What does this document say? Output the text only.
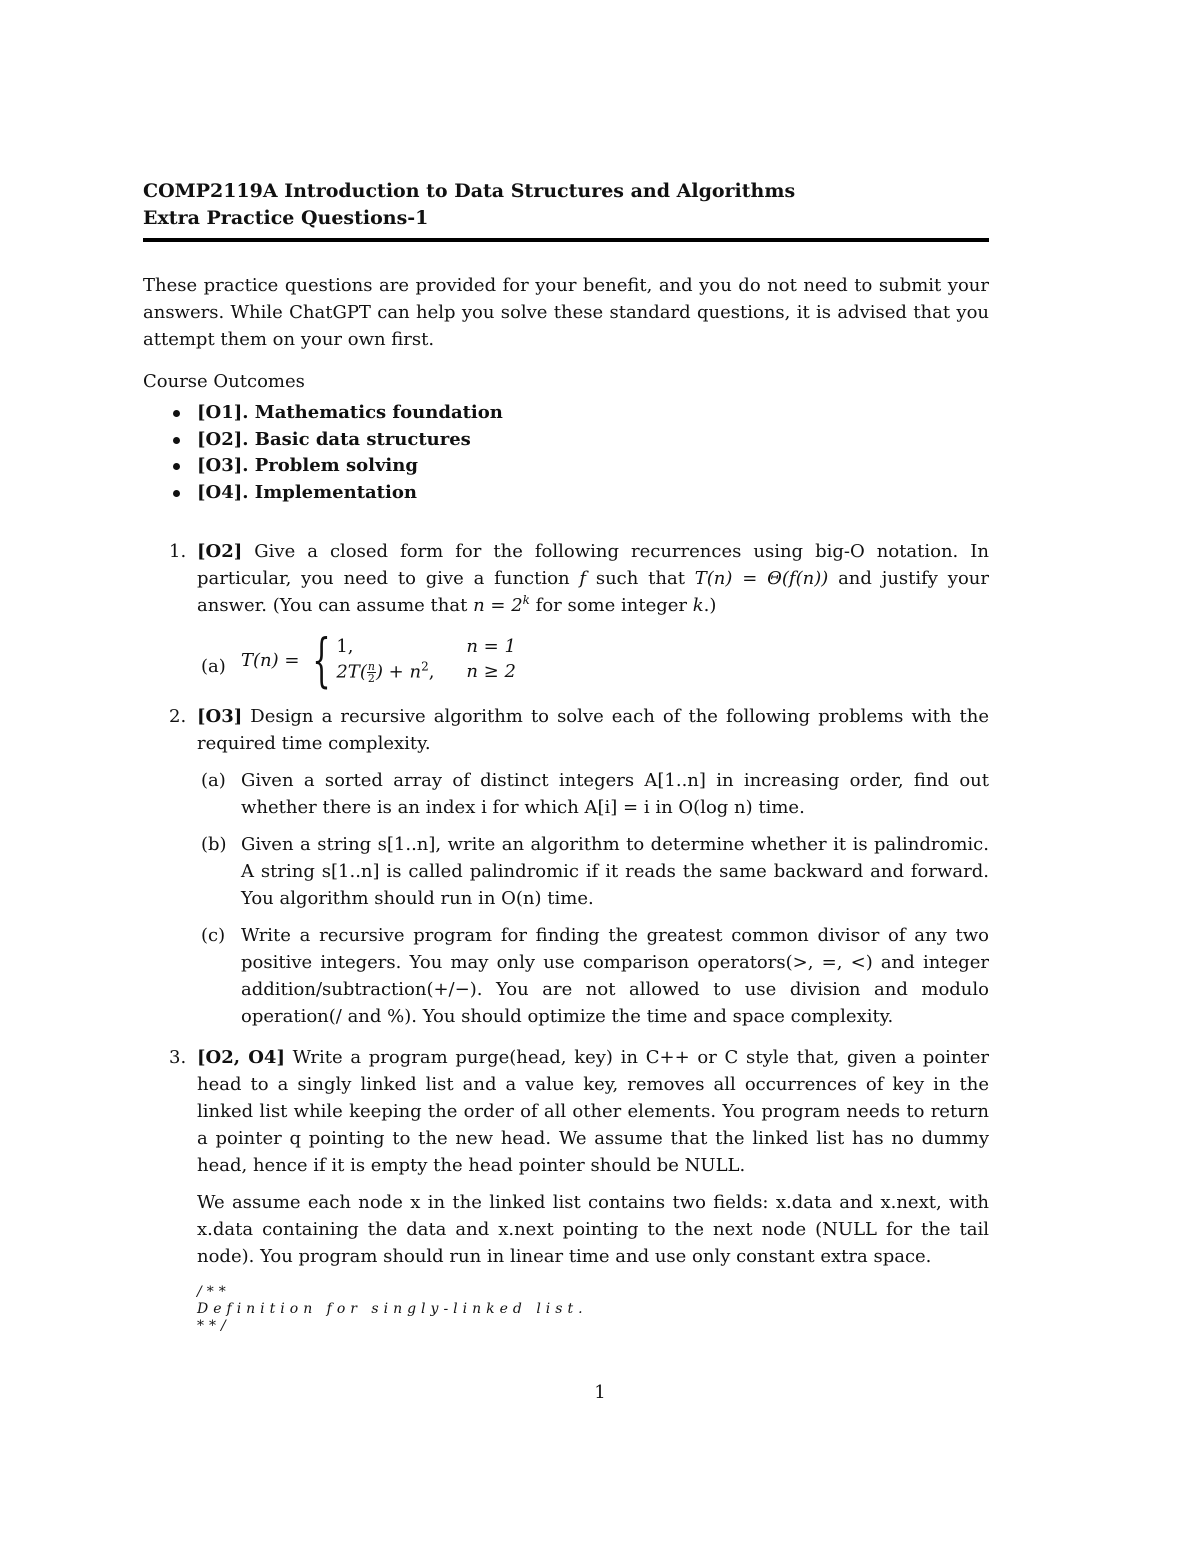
COMP2119A Introduction to Data Structures and Algorithms
Extra Practice Questions-1

These practice questions are provided for your benefit, and you do not need to submit your answers. While ChatGPT can help you solve these standard questions, it is advised that you attempt them on your own first.

Course Outcomes
[O1]. Mathematics foundation
[O2]. Basic data structures
[O3]. Problem solving
[O4]. Implementation
1. [O2] Give a closed form for the following recurrences using big-O notation. In particular, you need to give a function f such that T(n) = Θ(f(n)) and justify your answer. (You can assume that $n = 2^k$ for some integer k.)

(a) T(n) = { 1,	n = 1
$2T( \frac{n}{2}$ ) + $n^2$,	n ≥ 2
2. [O3] Design a recursive algorithm to solve each of the following problems with the required time complexity.

(a) Given a sorted array of distinct integers A[1..n] in increasing order, find out whether there is an index i for which A[i] = i in O(log n) time.

(b) Given a string s[1..n], write an algorithm to determine whether it is palindromic. A string s[1..n] is called palindromic if it reads the same backward and forward. You algorithm should run in O(n) time.

(c) Write a recursive program for finding the greatest common divisor of any two positive integers. You may only use comparison operators(>, =, <) and integer addition/subtraction(+/−). You are not allowed to use division and modulo operation(/ and %). You should optimize the time and space complexity.

3. [O2, O4] Write a program purge(head, key) in C++ or C style that, given a pointer head to a singly linked list and a value key, removes all occurrences of key in the linked list while keeping the order of all other elements. You program needs to return a pointer q pointing to the new head. We assume that the linked list has no dummy head, hence if it is empty the head pointer should be NULL.

We assume each node x in the linked list contains two fields: x.data and x.next, with x.data containing the data and x.next pointing to the next node (NULL for the tail node). You program should run in linear time and use only constant extra space.

/**
Definition for singly-linked list.
**/
1
